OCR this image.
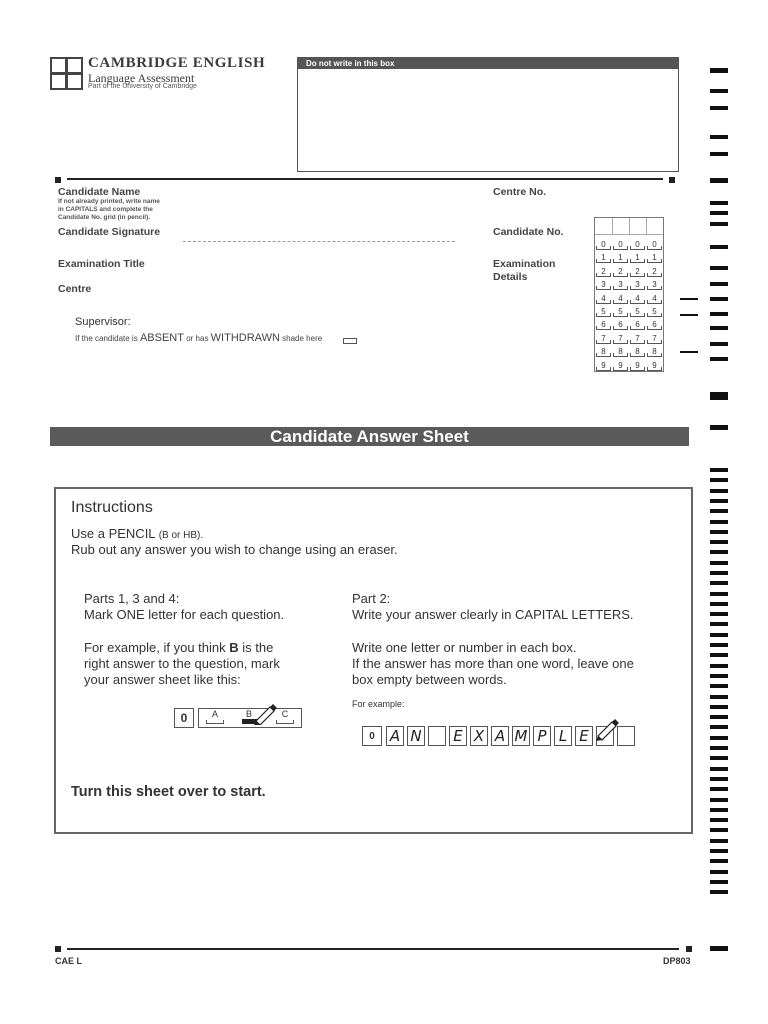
CAMBRIDGE ENGLISH
Language Assessment
Part of the University of Cambridge
Do not write in this box
Candidate Name
If not already printed, write name
in CAPITALS and complete the
Candidate No. grid (in pencil).
Candidate Signature
Examination Title
Centre
Supervisor:
If the candidate is ABSENT or has WITHDRAWN shade here
Centre No.
Candidate No.
Examination
Details
0	0	0	0
1	1	1	1
2	2	2	2
3	3	3	3
4	4	4	4
5	5	5	5
6	6	6	6
7	7	7	7
8	8	8	8
9	9	9	9
Candidate Answer Sheet
Instructions
Use a PENCIL (B or HB).
Rub out any answer you wish to change using an eraser.
Parts 1, 3 and 4:
Mark ONE letter for each question.
For example, if you think B is the
right answer to the question, mark
your answer sheet like this:
0	A	B	C
Part 2:
Write your answer clearly in CAPITAL LETTERS.
Write one letter or number in each box.
If the answer has more than one word, leave one
box empty between words.
For example:
0	A N E X A M P L E
Turn this sheet over to start.
CAE L	DP803
